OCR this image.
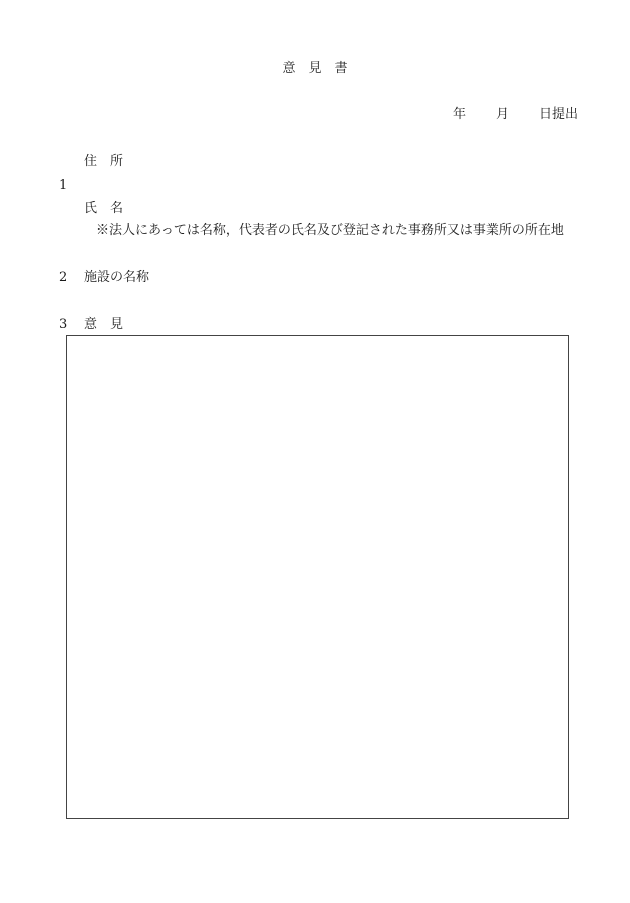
意　見　書
年 月 日提出
住　所
1
氏　名
※法人にあっては名称，代表者の氏名及び登記された事務所又は事業所の所在地
2 施設の名称
3 意　見
